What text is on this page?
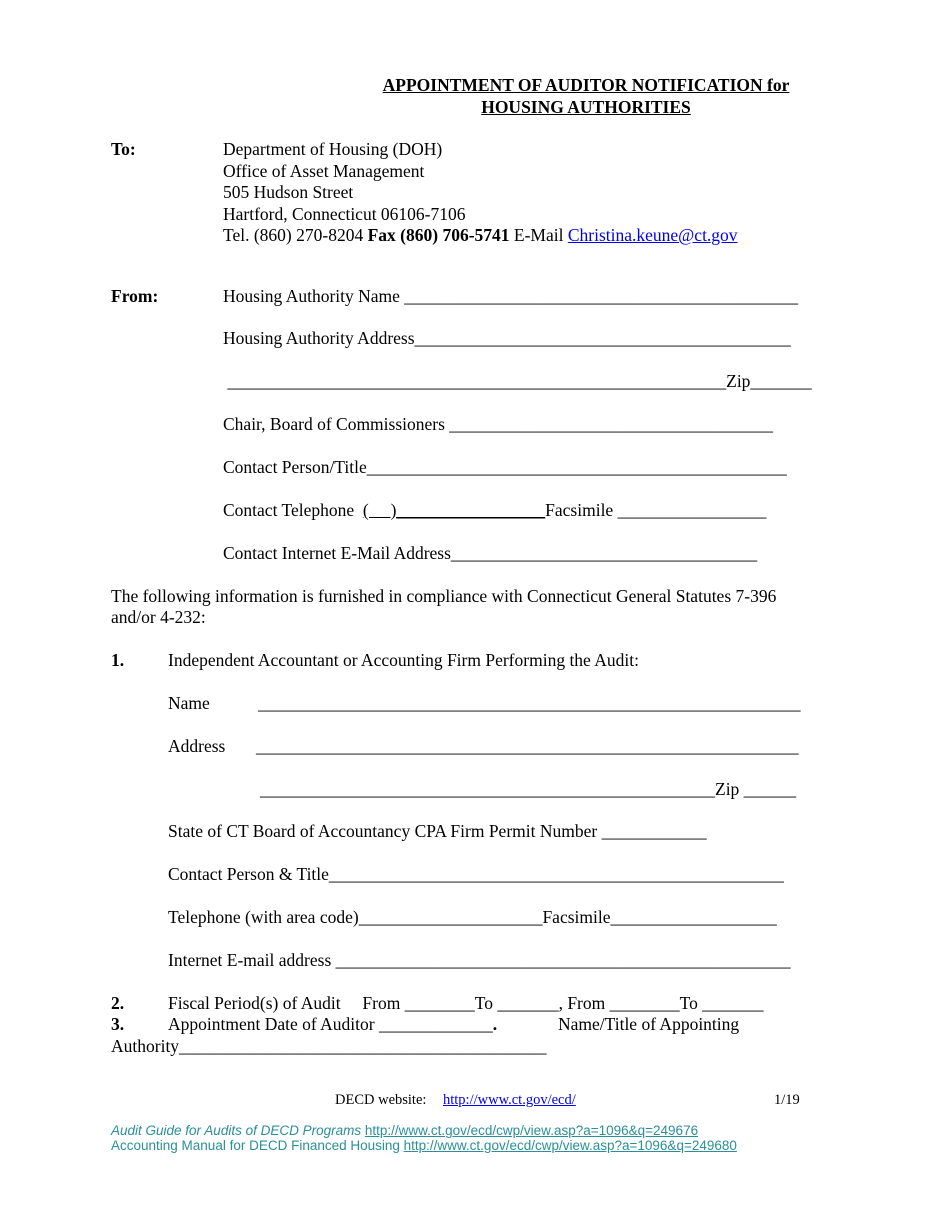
APPOINTMENT OF AUDITOR NOTIFICATION for
HOUSING AUTHORITIES
To:	Department of Housing (DOH)
Office of Asset Management
505 Hudson Street
Hartford, Connecticut 06106-7106
Tel. (860) 270-8204 Fax (860) 706-5741 E-Mail Christina.keune@ct.gov
From:	Housing Authority Name _____________________________________________
Housing Authority Address___________________________________________
_________________________________________________________Zip_______
Chair, Board of Commissioners _____________________________________
Contact Person/Title________________________________________________
Contact Telephone  (     )_________________Facsimile _________________
Contact Internet E-Mail Address___________________________________
The following information is furnished in compliance with Connecticut General Statutes 7-396
and/or 4-232:
1.	Independent Accountant or Accounting Firm Performing the Audit:
Name	______________________________________________________________
Address ______________________________________________________________
____________________________________________________Zip ______
State of CT Board of Accountancy CPA Firm Permit Number ____________
Contact Person & Title____________________________________________________
Telephone (with area code)_____________________Facsimile___________________
Internet E-mail address ____________________________________________________
2.	Fiscal Period(s) of Audit     From ________To _______, From ________To _______
3.	Appointment Date of Auditor _____________.	Name/Title of Appointing
Authority__________________________________________
DECD website: http://www.ct.gov/ecd/	1/19
Audit Guide for Audits of DECD Programs http://www.ct.gov/ecd/cwp/view.asp?a=1096&q=249676
Accounting Manual for DECD Financed Housing http://www.ct.gov/ecd/cwp/view.asp?a=1096&q=249680
